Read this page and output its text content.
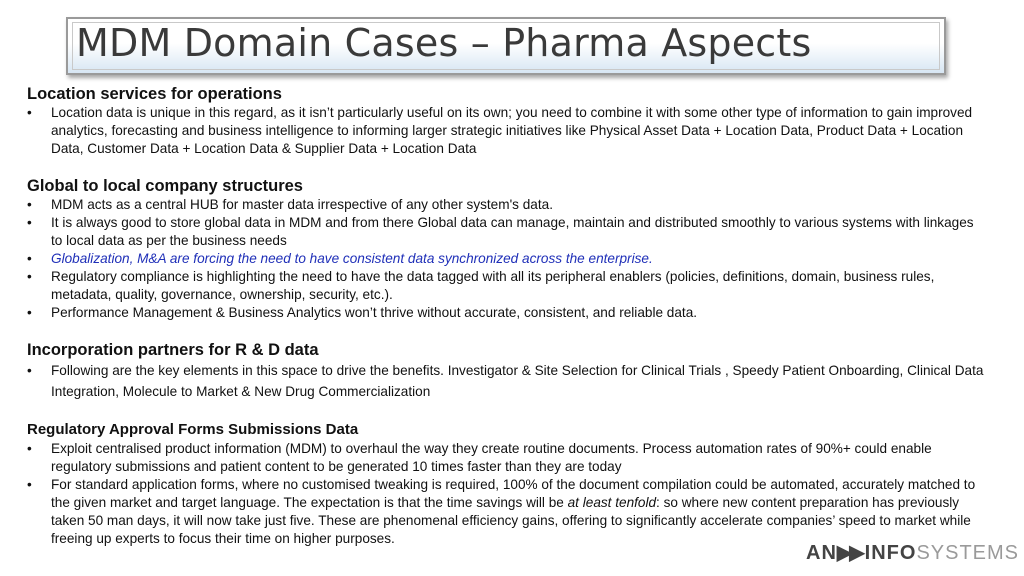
MDM Domain Cases – Pharma Aspects
Location services for operations
• Location data is unique in this regard, as it isn’t particularly useful on its own; you need to combine it with some other type of information to gain improved analytics, forecasting and business intelligence to informing larger strategic initiatives like Physical Asset Data + Location Data, Product Data + Location Data, Customer Data + Location Data & Supplier Data + Location Data
Global to local company structures
• MDM acts as a central HUB for master data irrespective of any other system's data.
• It is always good to store global data in MDM and from there Global data can manage, maintain and distributed smoothly to various systems with linkages to local data as per the business needs
• Globalization, M&A are forcing the need to have consistent data synchronized across the enterprise.
• Regulatory compliance is highlighting the need to have the data tagged with all its peripheral enablers (policies, definitions, domain, business rules, metadata, quality, governance, ownership, security, etc.).
• Performance Management & Business Analytics won’t thrive without accurate, consistent, and reliable data.
Incorporation partners for R & D data
• Following are the key elements in this space to drive the benefits. Investigator & Site Selection for Clinical Trials , Speedy Patient Onboarding, Clinical Data Integration, Molecule to Market & New Drug Commercialization
Regulatory Approval Forms Submissions Data
• Exploit centralised product information (MDM) to overhaul the way they create routine documents. Process automation rates of 90%+ could enable regulatory submissions and patient content to be generated 10 times faster than they are today
• For standard application forms, where no customised tweaking is required, 100% of the document compilation could be automated, accurately matched to the given market and target language. The expectation is that the time savings will be at least tenfold: so where new content preparation has previously taken 50 man days, it will now take just five. These are phenomenal efficiency gains, offering to significantly accelerate companies’ speed to market while freeing up experts to focus their time on higher purposes.
AN▶▶ INFOSYSTEMS
